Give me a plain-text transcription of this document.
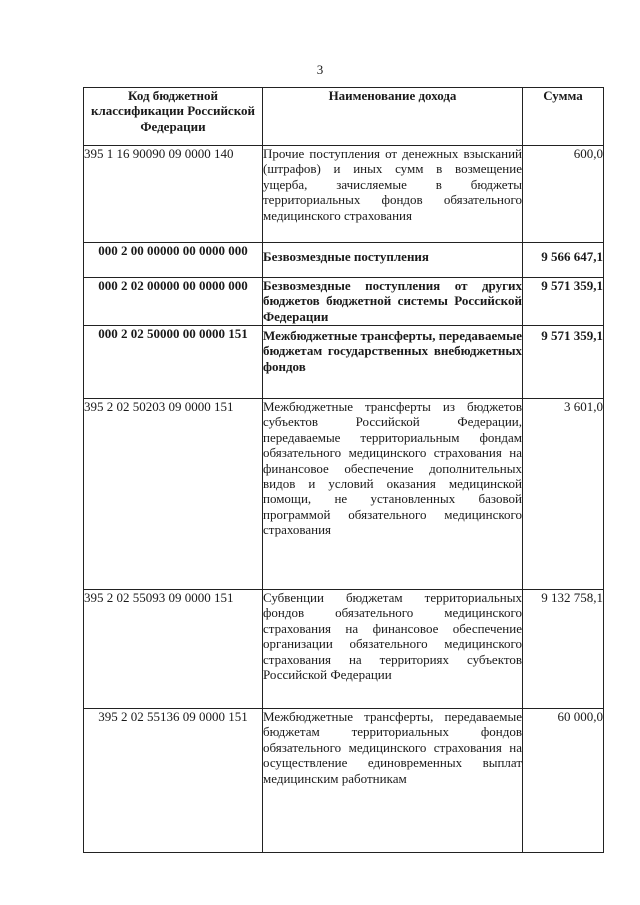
3
Код бюджетной классификации Российской Федерации	Наименование дохода	Сумма
395 1 16 90090 09 0000 140	Прочие поступления от денежных взысканий (штрафов) и иных сумм в возмещение ущерба, зачисляемые в бюджеты территориальных фондов обязательного медицинского страхования	600,0
000 2 00 00000 00 0000 000	Безвозмездные поступления	9 566 647,1
000 2 02 00000 00 0000 000	Безвозмездные поступления от других бюджетов бюджетной системы Российской Федерации	9 571 359,1
000 2 02 50000 00 0000 151	Межбюджетные трансферты, передаваемые бюджетам государственных внебюджетных фондов	9 571 359,1
395 2 02 50203 09 0000 151	Межбюджетные трансферты из бюджетов субъектов Российской Федерации, передаваемые территориальным фондам обязательного медицинского страхования на финансовое обеспечение дополнительных видов и условий оказания медицинской помощи, не установленных базовой программой обязательного медицинского страхования	3 601,0
395 2 02 55093 09 0000 151	Субвенции бюджетам территориальных фондов обязательного медицинского страхования на финансовое обеспечение организации обязательного медицинского страхования на территориях субъектов Российской Федерации	9 132 758,1
395 2 02 55136 09 0000 151	Межбюджетные трансферты, передаваемые бюджетам территориальных фондов обязательного медицинского страхования на осуществление единовременных выплат медицинским работникам	60 000,0
